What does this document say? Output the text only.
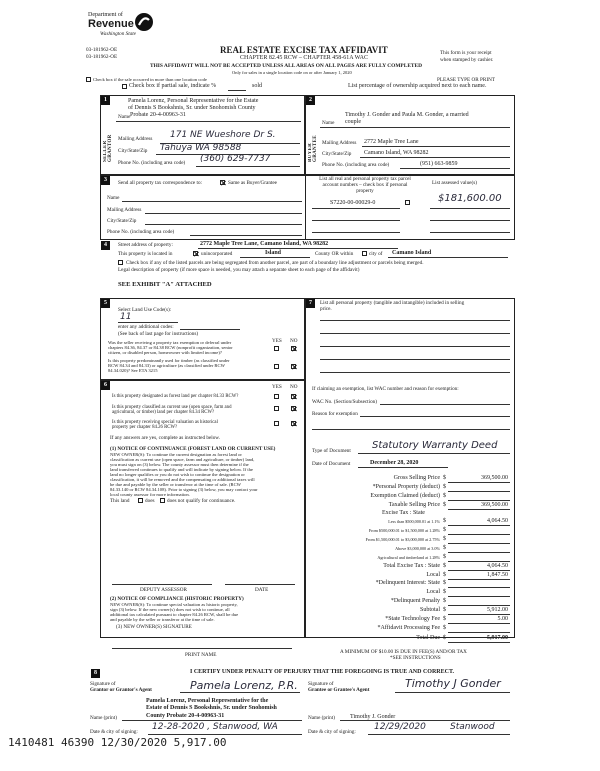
Department of
Revenue
Washington State
03-181962-OE
03-181962-OE
REAL ESTATE EXCISE TAX AFFIDAVIT
CHAPTER 82.45 RCW – CHAPTER 458-61A WAC
THIS AFFIDAVIT WILL NOT BE ACCEPTED UNLESS ALL AREAS ON ALL PAGES ARE FULLY COMPLETED
Only for sales in a single location code on or after January 1, 2020
This form is your receipt
when stamped by cashier.
PLEASE TYPE OR PRINT
Check box if the sale occurred in more than one location code
Check box if partial sale, indicate %	sold	List percentage of ownership acquired next to each name.
1	2
SELLER GRANTOR	BUYER GRANTEE
Pamela Lorenz, Personal Representative for the Estate
of Dennis S Bookshnis, Sr. under Snohomish County
Name Probate 20-4-00963-31
Mailing Address 171 NE Wueshore Dr S.
City/State/Zip Tahuya WA 98588
Phone No. (including area code) (360) 629-7737
Timothy J. Gonder and Paula M. Gonder, a married
Name couple
Mailing Address 2772 Maple Tree Lane
City/State/Zip Camano Island, WA 98282
Phone No. (including area code)	(951) 663-9859
3	Send all property tax correspondence to:	Same as Buyer/Grantee
Name
Mailing Address
City/State/Zip
Phone No. (including area code)
List all real and personal property tax parcel
account numbers – check box if personal
property
List assessed value(s)
S7220-00-00029-0	$181,600.00
4	Street address of property:	2772 Maple Tree Lane, Camano Island, WA 98282
This property is located in	unincorporated	Island	County OR within	city of Camano Island
Check box if any of the listed parcels are being segregated from another parcel, are part of a boundary line adjustment or parcels being merged.
Legal description of property (if more space is needed, you may attach a separate sheet to each page of the affidavit)
SEE EXHIBIT "A" ATTACHED
5
Select Land Use Code(s):
11
enter any additional codes:
(See back of last page for instructions)
YES NO
Was the seller receiving a property tax exemption or deferral under
chapters 84.36, 84.37 or 84.38 RCW (nonprofit organization, senior
citizen, or disabled person, homeowner with limited income)?
Is this property predominantly used for timber (as classified under
RCW 84.34 and 84.33) or agriculture (as classified under RCW
84.34.020)? See ETA 3215
6	YES NO
Is this property designated as forest land per chapter 84.33 RCW?
Is this property classified as current use (open space, farm and
agricultural, or timber) land per chapter 84.34 RCW?
Is this property receiving special valuation as historical
property per chapter 84.26 RCW?
If any answers are yes, complete as instructed below.
(1) NOTICE OF CONTINUANCE (FOREST LAND OR CURRENT USE)
NEW OWNER(S): To continue the current designation as forest land or
classification as current use (open space, farm and agriculture, or timber) land,
you must sign on (3) below. The county assessor must then determine if the
land transferred continues to qualify and will indicate by signing below. If the
land no longer qualifies or you do not wish to continue the designation or
classification, it will be removed and the compensating or additional taxes will
be due and payable by the seller or transferor at the time of sale. (RCW
84.33.140 or RCW 84.34.108). Prior to signing (3) below, you may contact your
local county assessor for more information.
This land	does does not qualify for continuance.
DEPUTY ASSESSOR	DATE
(2) NOTICE OF COMPLIANCE (HISTORIC PROPERTY)
NEW OWNER(S): To continue special valuation as historic property,
sign (3) below. If the new owner(s) does not wish to continue, all
additional tax calculated pursuant to chapter 84.26 RCW, shall be due
and payable by the seller or transferor at the time of sale.
(3) NEW OWNER(S) SIGNATURE
PRINT NAME
7	List all personal property (tangible and intangible) included in selling
price.
If claiming an exemption, list WAC number and reason for exemption:
WAC No. (Section/Subsection)
Reason for exemption
Type of Document Statutory Warranty Deed
Date of Document	December 28, 2020
Gross Selling Price $	369,500.00
*Personal Property (deduct) $
Exemption Claimed (deduct) $
Taxable Selling Price $	369,500.00
Excise Tax : State
Less than $500,000.01 at 1.1% $	4,064.50
From $500,000.01 to $1,500,000 at 1.28% $
From $1,500,000.01 to $3,000,000 at 2.75% $
Above $3,000,000 at 3.0% $
Agricultural and timberland at 1.28% $
Total Excise Tax : State $	4,064.50
Local $	1,847.50
*Delinquent Interest: State $
Local $
*Delinquent Penalty $
Subtotal $	5,912.00
*State Technology Fee $	5.00
*Affidavit Processing Fee $
Total Due $	5,917.00
A MINIMUM OF $10.00 IS DUE IN FEE(S) AND/OR TAX
*SEE INSTRUCTIONS
8	I CERTIFY UNDER PENALTY OF PERJURY THAT THE FOREGOING IS TRUE AND CORRECT.
Signature of
Grantor or Grantor's Agent	Pamela Lorenz, P.R.
Pamela Lorenz, Personal Representative for the
Estate of Dennis S Bookshnis, Sr. under Snohomish
Name (print)	County Probate 20-4-00963-31
Date & city of signing: 12-28-2020 , Stanwood, WA
Signature of
Grantee or Grantee's Agent	Timothy J Gonder
Name (print)	Timothy J. Gonder
Date & city of signing: 12/29/2020	Stanwood
1410481 46390 12/30/2020 5,917.00
